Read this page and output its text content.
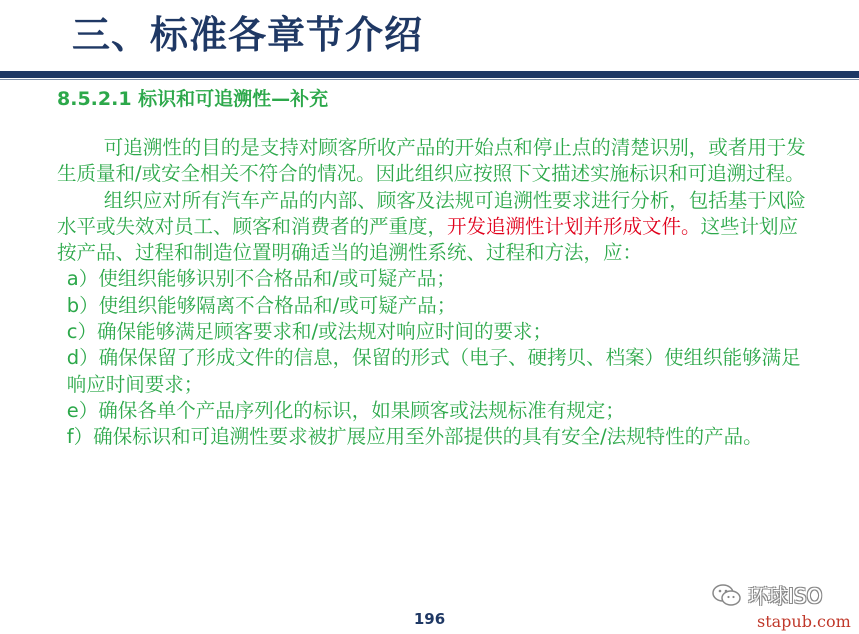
三、标准各章节介绍
8.5.2.1 标识和可追溯性—补充

可追溯性的目的是支持对顾客所收产品的开始点和停止点的清楚识别，或者用于发生质量和/或安全相关不符合的情况。因此组织应按照下文描述实施标识和可追溯过程。

组织应对所有汽车产品的内部、顾客及法规可追溯性要求进行分析，包括基于风险水平或失效对员工、顾客和消费者的严重度，开发追溯性计划并形成文件。这些计划应按产品、过程和制造位置明确适当的追溯性系统、过程和方法，应：

a）使组织能够识别不合格品和/或可疑产品；

b）使组织能够隔离不合格品和/或可疑产品；

c）确保能够满足顾客要求和/或法规对响应时间的要求；

d）确保保留了形成文件的信息，保留的形式（电子、硬拷贝、档案）使组织能够满足响应时间要求；

e）确保各单个产品序列化的标识，如果顾客或法规标准有规定；

f）确保标识和可追溯性要求被扩展应用至外部提供的具有安全/法规特性的产品。

196
环球ISO
stapub.com
